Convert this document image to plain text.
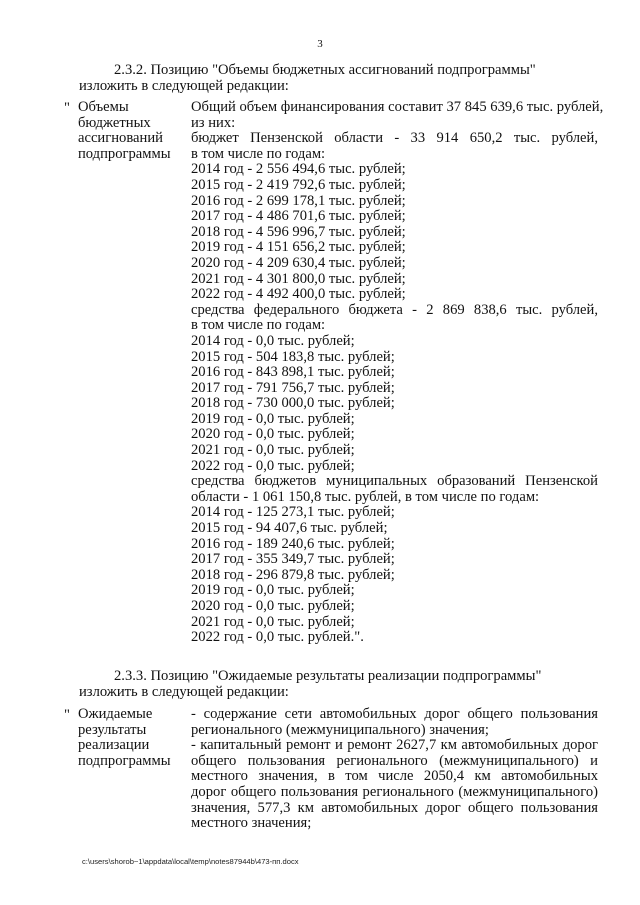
3
2.3.2. Позицию "Объемы бюджетных ассигнований подпрограммы"
изложить в следующей редакции:
" Объемы
бюджетных
ассигнований
подпрограммы
Общий объем финансирования составит 37 845 639,6 тыс. рублей,
из них:
бюджет Пензенской области - 33 914 650,2 тыс. рублей,
в том числе по годам:
2014 год - 2 556 494,6 тыс. рублей;
2015 год - 2 419 792,6 тыс. рублей;
2016 год - 2 699 178,1 тыс. рублей;
2017 год - 4 486 701,6 тыс. рублей;
2018 год - 4 596 996,7 тыс. рублей;
2019 год - 4 151 656,2 тыс. рублей;
2020 год - 4 209 630,4 тыс. рублей;
2021 год - 4 301 800,0 тыс. рублей;
2022 год - 4 492 400,0 тыс. рублей;
средства федерального бюджета - 2 869 838,6 тыс. рублей,
в том числе по годам:
2014 год - 0,0 тыс. рублей;
2015 год - 504 183,8 тыс. рублей;
2016 год - 843 898,1 тыс. рублей;
2017 год - 791 756,7 тыс. рублей;
2018 год - 730 000,0 тыс. рублей;
2019 год - 0,0 тыс. рублей;
2020 год - 0,0 тыс. рублей;
2021 год - 0,0 тыс. рублей;
2022 год - 0,0 тыс. рублей;
средства бюджетов муниципальных образований Пензенской
области - 1 061 150,8 тыс. рублей, в том числе по годам:
2014 год - 125 273,1 тыс. рублей;
2015 год - 94 407,6 тыс. рублей;
2016 год - 189 240,6 тыс. рублей;
2017 год - 355 349,7 тыс. рублей;
2018 год - 296 879,8 тыс. рублей;
2019 год - 0,0 тыс. рублей;
2020 год - 0,0 тыс. рублей;
2021 год - 0,0 тыс. рублей;
2022 год - 0,0 тыс. рублей.".
2.3.3. Позицию "Ожидаемые результаты реализации подпрограммы"
изложить в следующей редакции:
" Ожидаемые
результаты
реализации
подпрограммы
- содержание сети автомобильных дорог общего пользования
регионального (межмуниципального) значения;
- капитальный ремонт и ремонт 2627,7 км автомобильных дорог
общего пользования регионального (межмуниципального) и
местного значения, в том числе 2050,4 км автомобильных
дорог общего пользования регионального (межмуниципального)
значения, 577,3 км автомобильных дорог общего пользования
местного значения;
c:\users\shorob~1\appdata\local\temp\notes87944b\473-пп.docx
